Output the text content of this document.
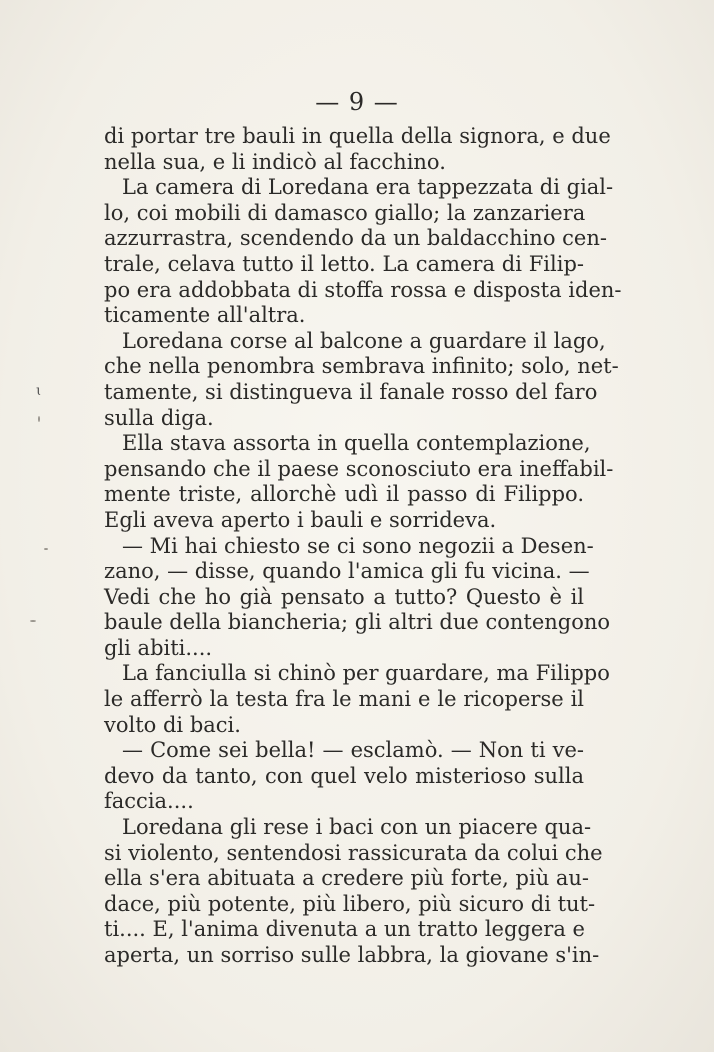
— 9 —
di portar tre bauli in quella della signora, e due
nella sua, e li indicò al facchino.
La camera di Loredana era tappezzata di gial-
lo, coi mobili di damasco giallo; la zanzariera
azzurrastra, scendendo da un baldacchino cen-
trale, celava tutto il letto. La camera di Filip-
po era addobbata di stoffa rossa e disposta iden-
ticamente all'altra.
Loredana corse al balcone a guardare il lago,
che nella penombra sembrava infinito; solo, net-
tamente, si distingueva il fanale rosso del faro
sulla diga.
Ella stava assorta in quella contemplazione,
pensando che il paese sconosciuto era ineffabil-
mente triste, allorchè udì il passo di Filippo.
Egli aveva aperto i bauli e sorrideva.
— Mi hai chiesto se ci sono negozii a Desen-
zano, — disse, quando l'amica gli fu vicina. —
Vedi che ho già pensato a tutto? Questo è il
baule della biancheria; gli altri due contengono
gli abiti....
La fanciulla si chinò per guardare, ma Filippo
le afferrò la testa fra le mani e le ricoperse il
volto di baci.
— Come sei bella! — esclamò. — Non ti ve-
devo da tanto, con quel velo misterioso sulla
faccia....
Loredana gli rese i baci con un piacere qua-
si violento, sentendosi rassicurata da colui che
ella s'era abituata a credere più forte, più au-
dace, più potente, più libero, più sicuro di tut-
ti.... E, l'anima divenuta a un tratto leggera e
aperta, un sorriso sulle labbra, la giovane s'in-
ɩ
